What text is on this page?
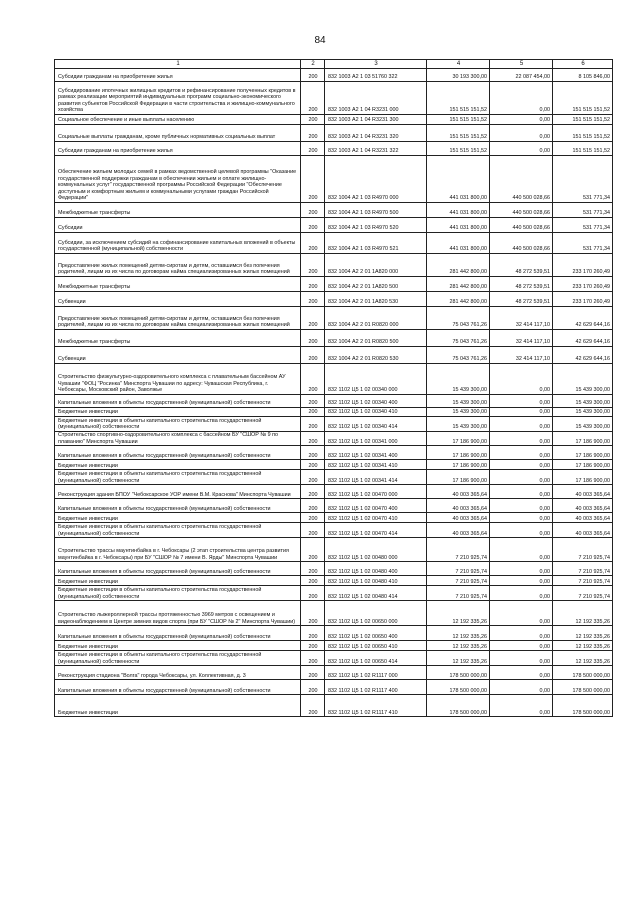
84
1	2	3	4	5	6
Субсидии гражданам на приобретение жилья	200	832 1003 А2 1 03 51760 322	30 193 300,00	22 087 454,00	8 105 846,00
Субсидирование ипотечных жилищных кредитов и рефинансирование полученных кредитов в рамках реализации мероприятий индивидуальных программ социально-экономического развития субъектов Российской Федерации в части строительства и жилищно-коммунального хозяйства	200	832 1003 А2 1 04 R3231 000	151 515 151,52	0,00	151 515 151,52
Социальное обеспечение и иные выплаты населению	200	832 1003 А2 1 04 R3231 300	151 515 151,52	0,00	151 515 151,52
Социальные выплаты гражданам, кроме публичных нормативных социальных выплат	200	832 1003 А2 1 04 R3231 320	151 515 151,52	0,00	151 515 151,52
Субсидии гражданам на приобретение жилья	200	832 1003 А2 1 04 R3231 322	151 515 151,52	0,00	151 515 151,52
Обеспечение жильем молодых семей в рамках ведомственной целевой программы "Оказание государственной поддержки гражданам в обеспечении жильем и оплате жилищно-коммунальных услуг" государственной программы Российской Федерации "Обеспечение доступным и комфортным жильем и коммунальными услугами граждан Российской Федерации"	200	832 1004 А2 1 03 R4970 000	441 031 800,00	440 500 028,66	531 771,34
Межбюджетные трансферты	200	832 1004 А2 1 03 R4970 500	441 031 800,00	440 500 028,66	531 771,34
Субсидии	200	832 1004 А2 1 03 R4970 520	441 031 800,00	440 500 028,66	531 771,34
Субсидии, за исключением субсидий на софинансирование капитальных вложений в объекты государственной (муниципальной) собственности	200	832 1004 А2 1 03 R4970 521	441 031 800,00	440 500 028,66	531 771,34
Предоставление жилых помещений детям-сиротам и детям, оставшимся без попечения родителей, лицам из их числа по договорам найма специализированных жилых помещений	200	832 1004 А2 2 01 1А820 000	281 442 800,00	48 272 539,51	233 170 260,49
Межбюджетные трансферты	200	832 1004 А2 2 01 1А820 500	281 442 800,00	48 272 539,51	233 170 260,49
Субвенции	200	832 1004 А2 2 01 1А820 530	281 442 800,00	48 272 539,51	233 170 260,49
Предоставление жилых помещений детям-сиротам и детям, оставшимся без попечения родителей, лицам из их числа по договорам найма специализированных жилых помещений	200	832 1004 А2 2 01 R0820 000	75 043 761,26	32 414 117,10	42 629 644,16
Межбюджетные трансферты	200	832 1004 А2 2 01 R0820 500	75 043 761,26	32 414 117,10	42 629 644,16
Субвенции	200	832 1004 А2 2 01 R0820 530	75 043 761,26	32 414 117,10	42 629 644,16
Строительство физкультурно-оздоровительного комплекса с плавательным бассейном АУ Чувашии "ФОЦ "Росинка" Минспорта Чувашии по адресу: Чувашская Республика, г. Чебоксары, Московский район, Заволжье	200	832 1102 Ц5 1 02 00340 000	15 439 300,00	0,00	15 439 300,00
Капитальные вложения в объекты государственной (муниципальной) собственности	200	832 1102 Ц5 1 02 00340 400	15 439 300,00	0,00	15 439 300,00
Бюджетные инвестиции	200	832 1102 Ц5 1 02 00340 410	15 439 300,00	0,00	15 439 300,00
Бюджетные инвестиции в объекты капитального строительства государственной (муниципальной) собственности	200	832 1102 Ц5 1 02 00340 414	15 439 300,00	0,00	15 439 300,00
Строительство спортивно-оздоровительного комплекса с бассейном БУ "СШОР № 9 по плаванию" Минспорта Чувашии	200	832 1102 Ц5 1 02 00341 000	17 186 900,00	0,00	17 186 900,00
Капитальные вложения в объекты государственной (муниципальной) собственности	200	832 1102 Ц5 1 02 00341 400	17 186 900,00	0,00	17 186 900,00
Бюджетные инвестиции	200	832 1102 Ц5 1 02 00341 410	17 186 900,00	0,00	17 186 900,00
Бюджетные инвестиции в объекты капитального строительства государственной (муниципальной) собственности	200	832 1102 Ц5 1 02 00341 414	17 186 900,00	0,00	17 186 900,00
Реконструкция здания БПОУ "Чебоксарское УОР имени В.М. Краснова" Минспорта Чувашии	200	832 1102 Ц5 1 02 00470 000	40 003 365,64	0,00	40 003 365,64
Капитальные вложения в объекты государственной (муниципальной) собственности	200	832 1102 Ц5 1 02 00470 400	40 003 365,64	0,00	40 003 365,64
Бюджетные инвестиции	200	832 1102 Ц5 1 02 00470 410	40 003 365,64	0,00	40 003 365,64
Бюджетные инвестиции в объекты капитального строительства государственной (муниципальной) собственности	200	832 1102 Ц5 1 02 00470 414	40 003 365,64	0,00	40 003 365,64
Строительство трассы маунтинбайка в г. Чебоксары (2 этап строительства центра развития маунтинбайка в г. Чебоксары) при БУ "СШОР № 7 имени В. Ярды" Минспорта Чувашии	200	832 1102 Ц5 1 02 00480 000	7 210 925,74	0,00	7 210 925,74
Капитальные вложения в объекты государственной (муниципальной) собственности	200	832 1102 Ц5 1 02 00480 400	7 210 925,74	0,00	7 210 925,74
Бюджетные инвестиции	200	832 1102 Ц5 1 02 00480 410	7 210 925,74	0,00	7 210 925,74
Бюджетные инвестиции в объекты капитального строительства государственной (муниципальной) собственности	200	832 1102 Ц5 1 02 00480 414	7 210 925,74	0,00	7 210 925,74
Строительство лыжероллерной трассы протяженностью 3969 метров с освещением и видеонаблюдением в Центре зимних видов спорта (при БУ "СШОР № 2" Минспорта Чувашии)	200	832 1102 Ц5 1 02 00650 000	12 192 335,26	0,00	12 192 335,26
Капитальные вложения в объекты государственной (муниципальной) собственности	200	832 1102 Ц5 1 02 00650 400	12 192 335,26	0,00	12 192 335,26
Бюджетные инвестиции	200	832 1102 Ц5 1 02 00650 410	12 192 335,26	0,00	12 192 335,26
Бюджетные инвестиции в объекты капитального строительства государственной (муниципальной) собственности	200	832 1102 Ц5 1 02 00650 414	12 192 335,26	0,00	12 192 335,26
Реконструкция стадиона "Волга" города Чебоксары, ул. Коллективная, д. 3	200	832 1102 Ц5 1 02 R1117 000	178 500 000,00	0,00	178 500 000,00
Капитальные вложения в объекты государственной (муниципальной) собственности	200	832 1102 Ц5 1 02 R1117 400	178 500 000,00	0,00	178 500 000,00
Бюджетные инвестиции	200	832 1102 Ц5 1 02 R1117 410	178 500 000,00	0,00	178 500 000,00
